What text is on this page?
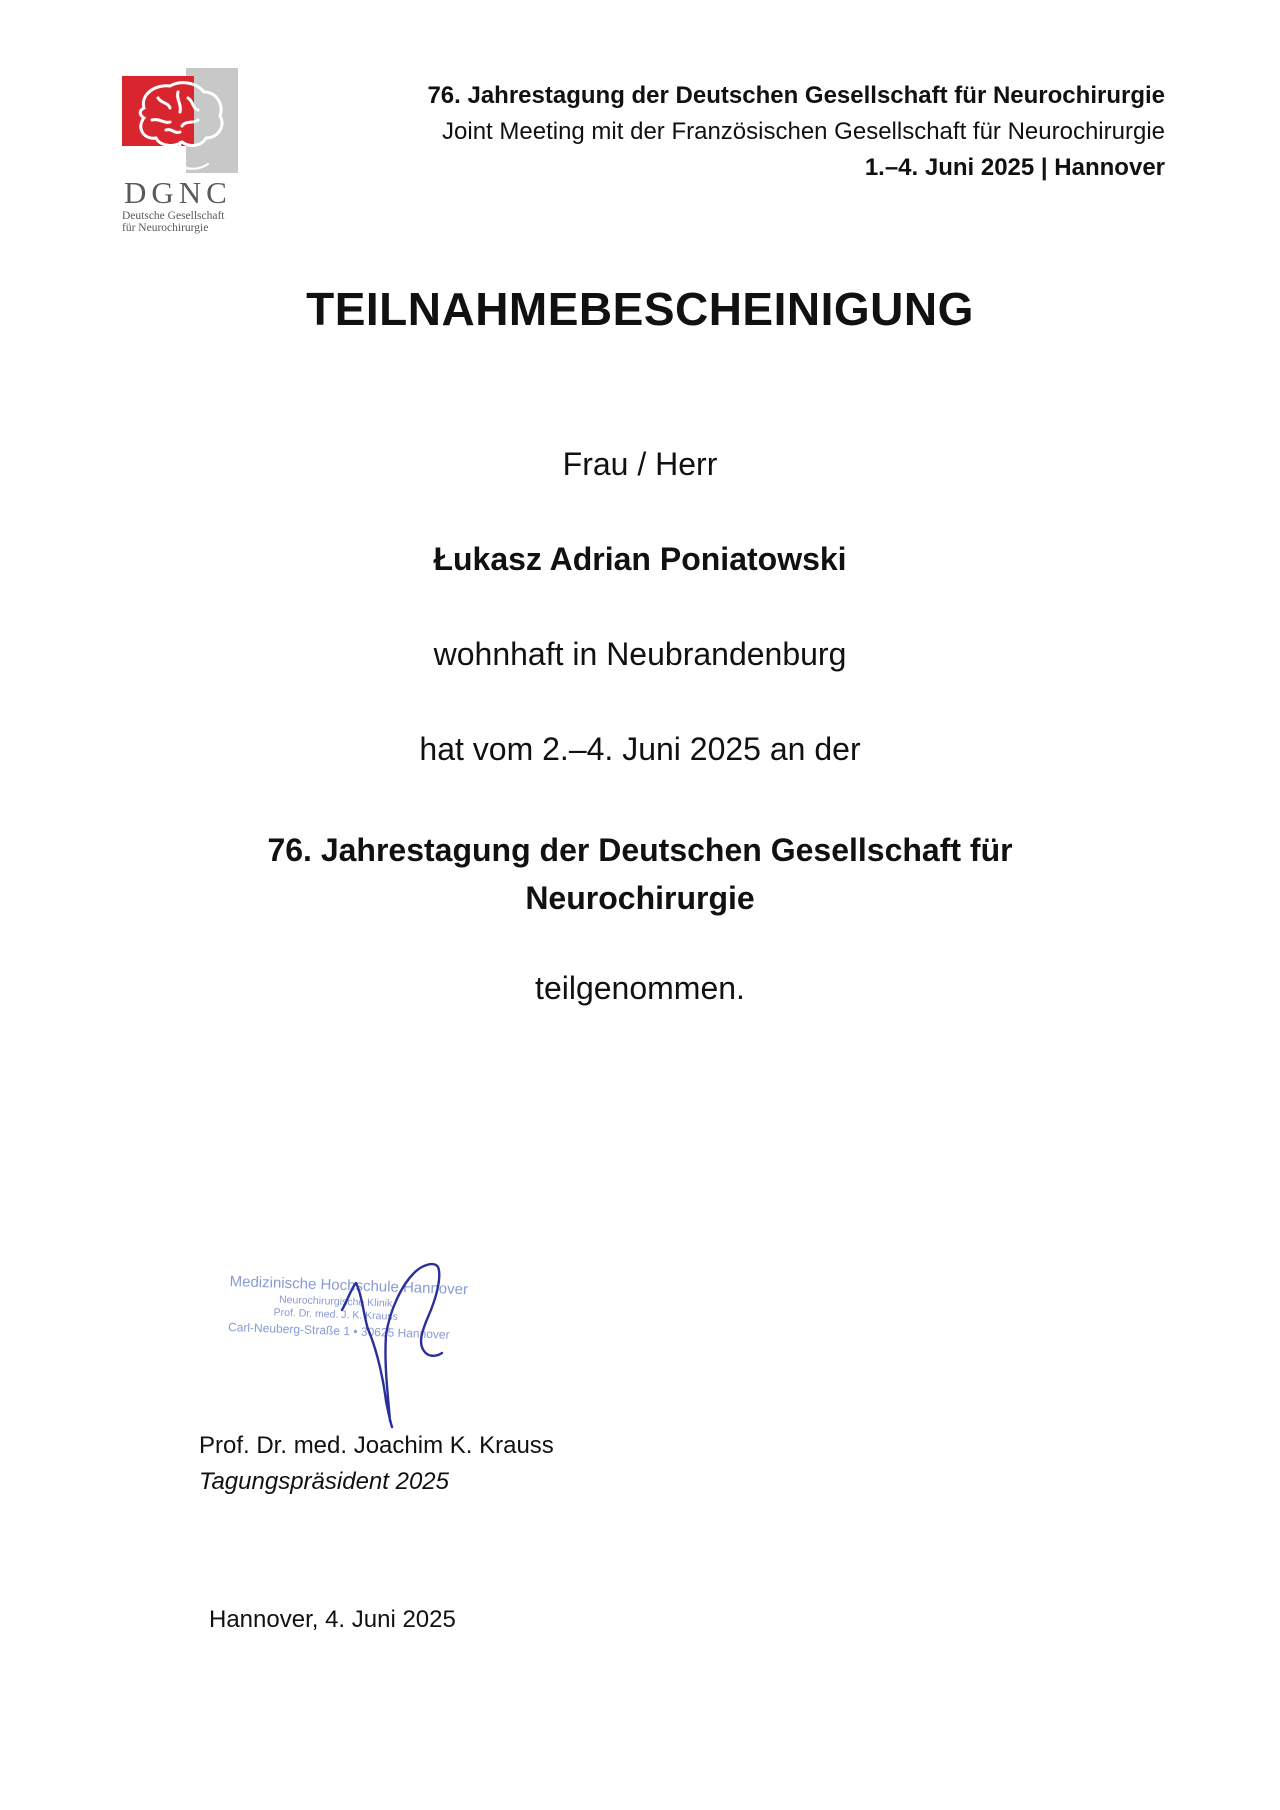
DGNC
Deutsche Gesellschaft
für Neurochirurgie
76. Jahrestagung der Deutschen Gesellschaft für Neurochirurgie
Joint Meeting mit der Französischen Gesellschaft für Neurochirurgie
1.–4. Juni 2025 | Hannover
TEILNAHMEBESCHEINIGUNG
Frau / Herr
Łukasz Adrian Poniatowski
wohnhaft in Neubrandenburg
hat vom 2.–4. Juni 2025 an der
76. Jahrestagung der Deutschen Gesellschaft für
Neurochirurgie
teilgenommen.
Medizinische Hochschule Hannover
Neurochirurgische Klinik
Prof. Dr. med. J. K. Krauss
Carl-Neuberg-Straße 1 • 30625 Hannover
Prof. Dr. med. Joachim K. Krauss
Tagungspräsident 2025
Hannover, 4. Juni 2025
